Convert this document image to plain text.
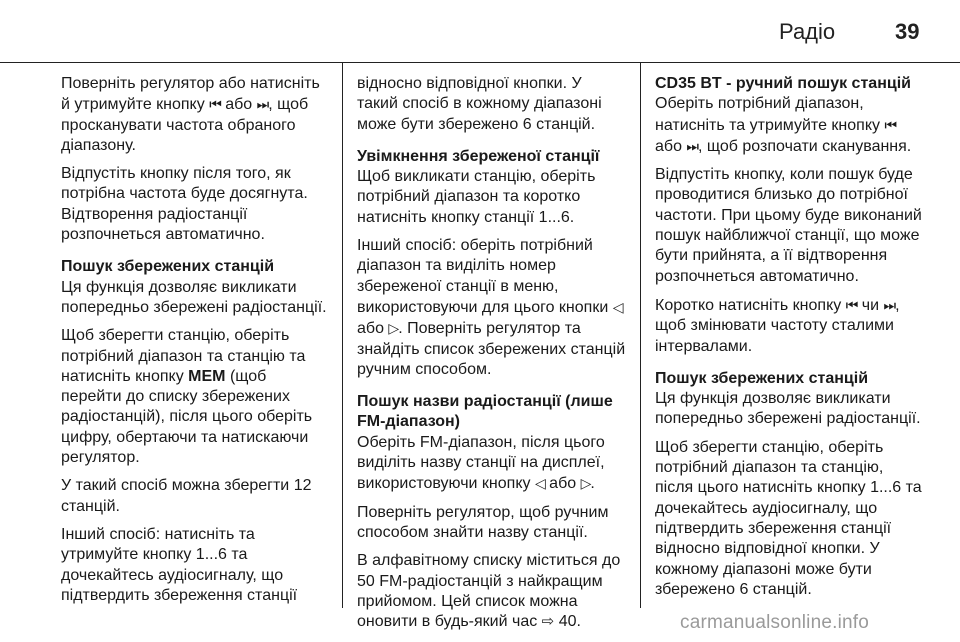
Радіо	39

Поверніть регулятор або натисніть й утримуйте кнопку ⏮ або ⏭, щоб просканувати частота обраного діапазону.

Відпустіть кнопку після того, як потрібна частота буде досягнута. Відтворення радіостанції розпочнеться автоматично.

Пошук збережених станцій

Ця функція дозволяє викликати попередньо збережені радіостанції.

Щоб зберегти станцію, оберіть потрібний діапазон та станцію та натисніть кнопку MEM (щоб перейти до списку збережених радіостанцій), після цього оберіть цифру, обертаючи та натискаючи регулятор.

У такий спосіб можна зберегти 12 станцій.

Інший спосіб: натисніть та утримуйте кнопку 1...6 та дочекайтесь аудіосигналу, що підтвердить збереження станції

відносно відповідної кнопки. У такий спосіб в кожному діапазоні може бути збережено 6 станцій.

Увімкнення збереженої станції

Щоб викликати станцію, оберіть потрібний діапазон та коротко натисніть кнопку станції 1...6.

Інший спосіб: оберіть потрібний діапазон та виділіть номер збереженої станції в меню, використовуючи для цього кнопки ◁ або ▷. Поверніть регулятор та знайдіть список збережених станцій ручним способом.

Пошук назви радіостанції (лише FM-діапазон)

Оберіть FM-діапазон, після цього виділіть назву станції на дисплеї, використовуючи кнопку ◁ або ▷.

Поверніть регулятор, щоб ручним способом знайти назву станції.

В алфавітному списку міститься до 50 FM-радіостанцій з найкращим прийомом. Цей список можна оновити в будь-який час ⇨ 40.

CD35 BT - ручний пошук станцій

Оберіть потрібний діапазон, натисніть та утримуйте кнопку ⏮ або ⏭, щоб розпочати сканування.

Відпустіть кнопку, коли пошук буде проводитися близько до потрібної частоти. При цьому буде виконаний пошук найближчої станції, що може бути прийнята, а її відтворення розпочнеться автоматично.

Коротко натисніть кнопку ⏮ чи ⏭, щоб змінювати частоту сталими інтервалами.

Пошук збережених станцій

Ця функція дозволяє викликати попередньо збережені радіостанції.

Щоб зберегти станцію, оберіть потрібний діапазон та станцію, після цього натисніть кнопку 1...6 та дочекайтесь аудіосигналу, що підтвердить збереження станції відносно відповідної кнопки. У кожному діапазоні може бути збережено 6 станцій.

carmanualsonline.info
